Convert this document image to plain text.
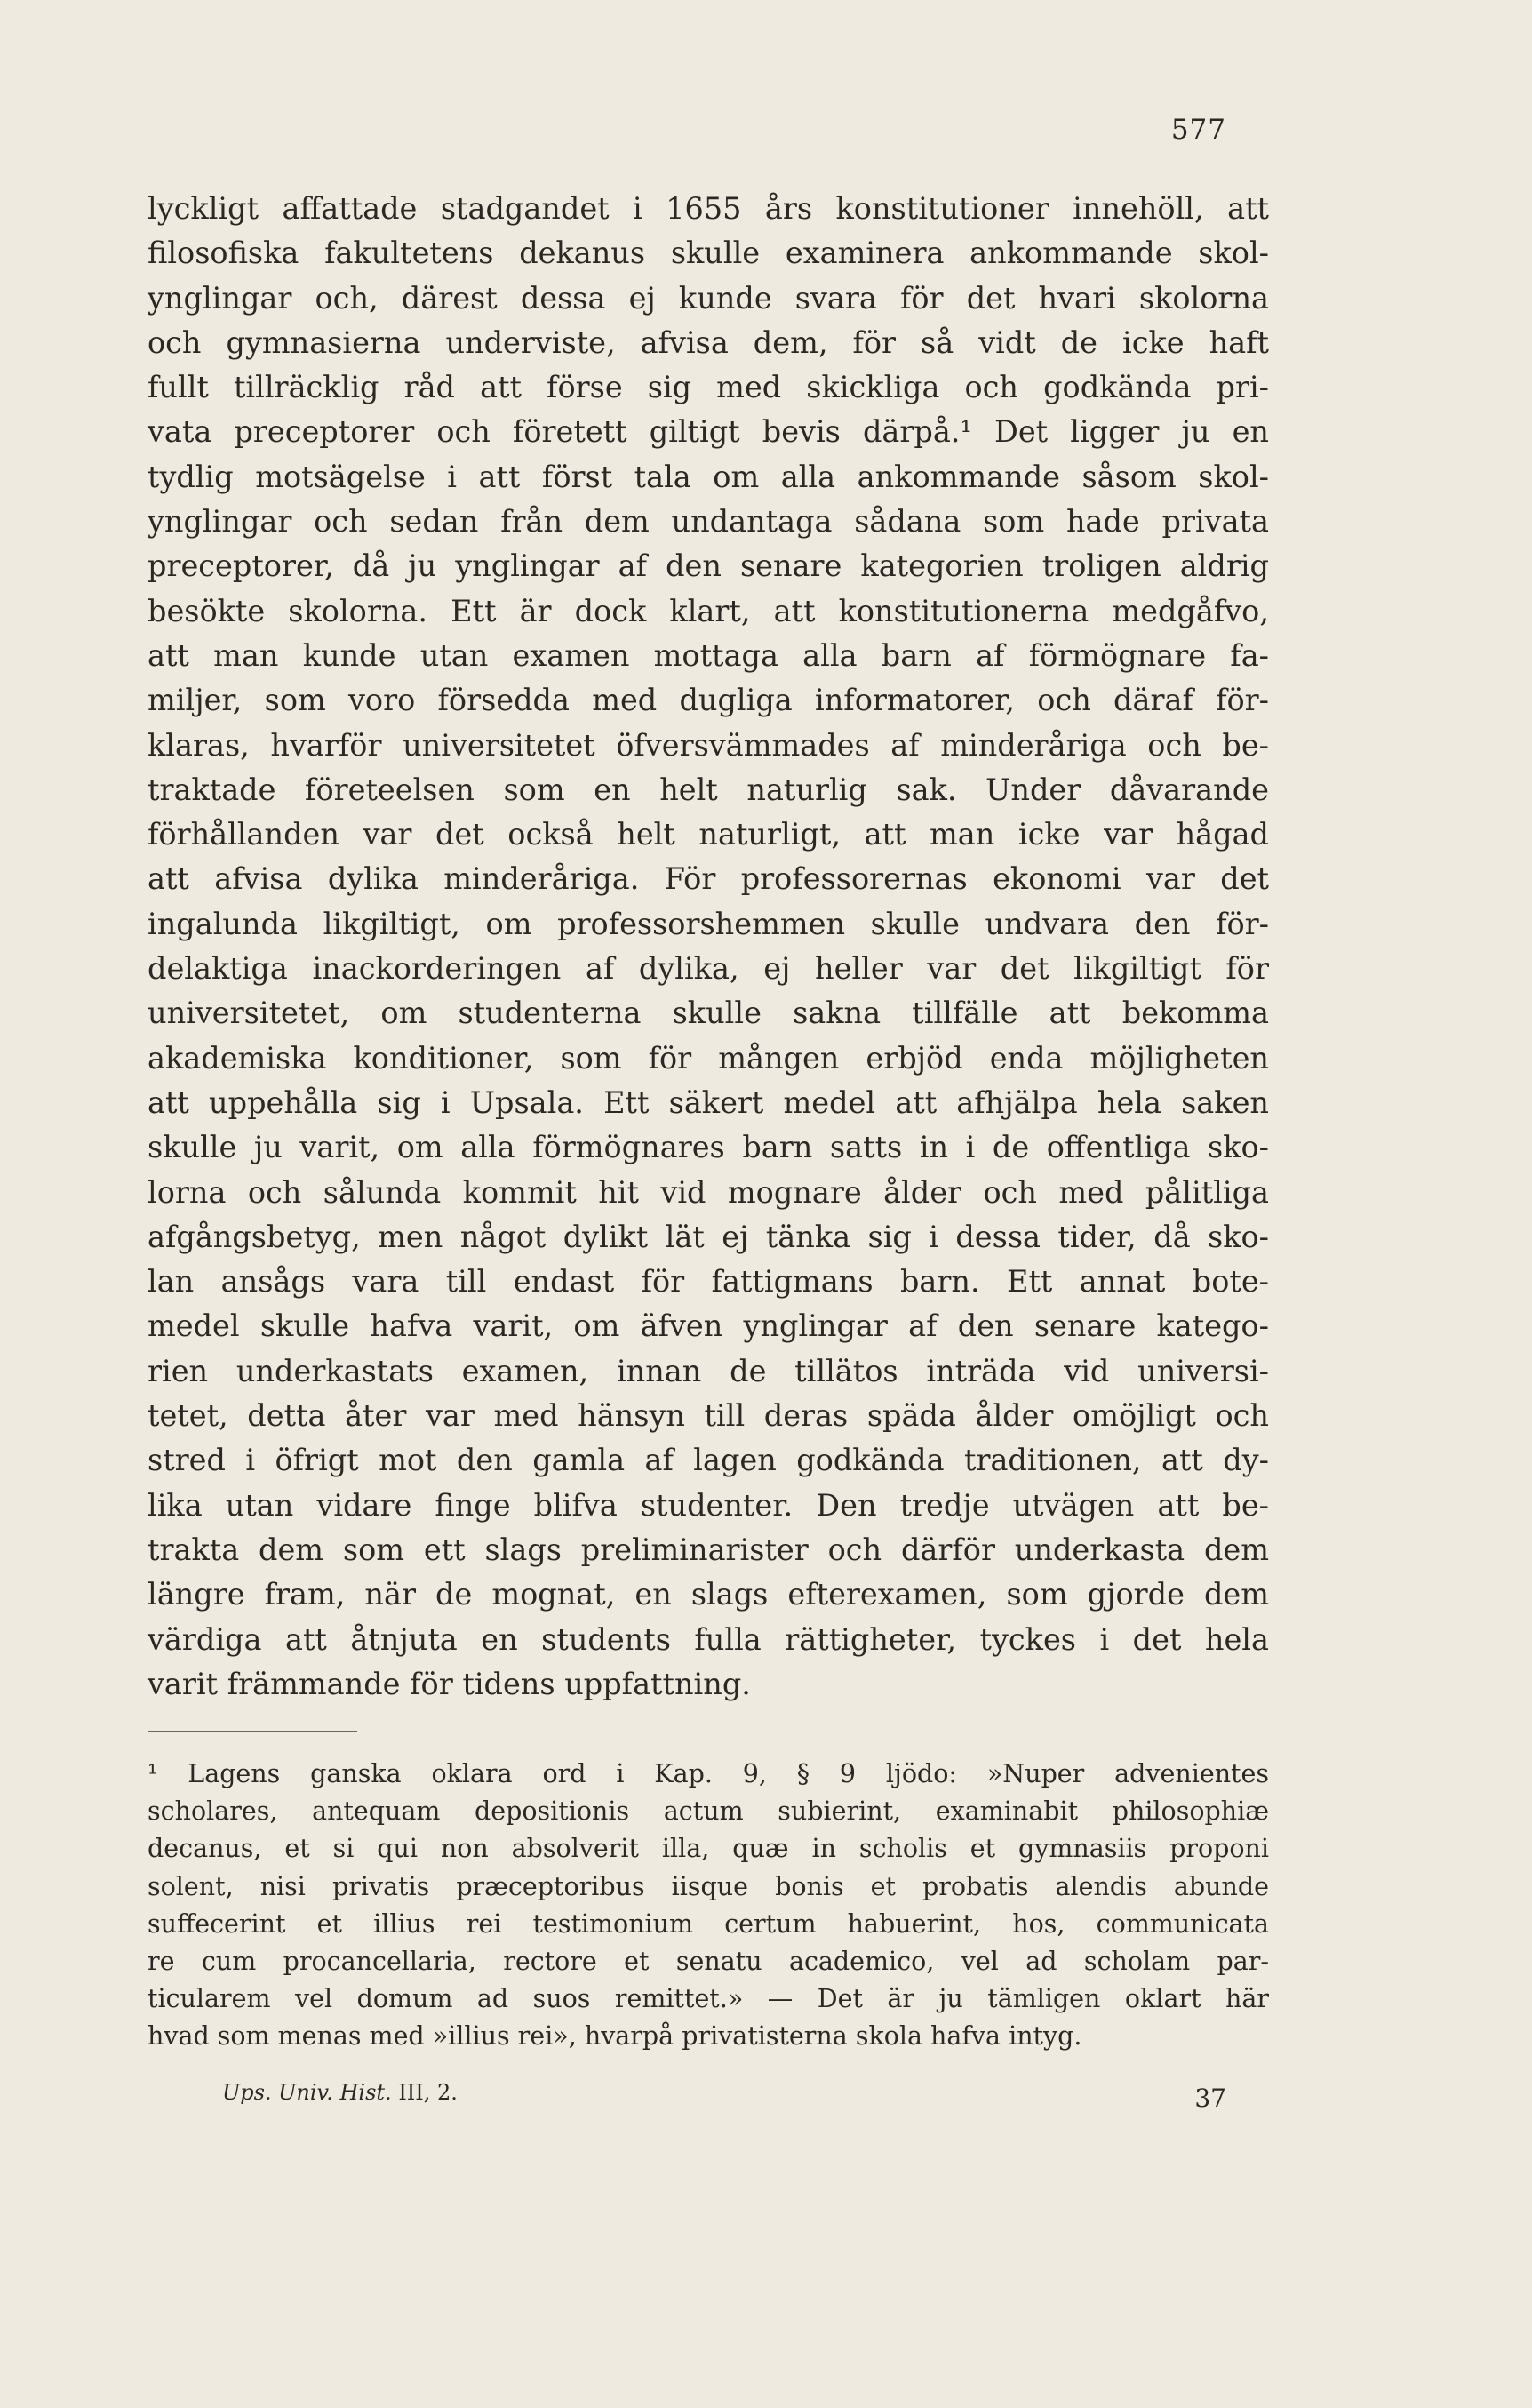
577
lyckligt affattade stadgandet i 1655 års konstitutioner innehöll, att
filosofiska fakultetens dekanus skulle examinera ankommande skol-
ynglingar och, därest dessa ej kunde svara för det hvari skolorna
och gymnasierna underviste, afvisa dem, för så vidt de icke haft
fullt tillräcklig råd att förse sig med skickliga och godkända pri-
vata preceptorer och företett giltigt bevis därpå.¹ Det ligger ju en
tydlig motsägelse i att först tala om alla ankommande såsom skol-
ynglingar och sedan från dem undantaga sådana som hade privata
preceptorer, då ju ynglingar af den senare kategorien troligen aldrig
besökte skolorna. Ett är dock klart, att konstitutionerna medgåfvo,
att man kunde utan examen mottaga alla barn af förmögnare fa-
miljer, som voro försedda med dugliga informatorer, och däraf för-
klaras, hvarför universitetet öfversvämmades af minderåriga och be-
traktade företeelsen som en helt naturlig sak. Under dåvarande
förhållanden var det också helt naturligt, att man icke var hågad
att afvisa dylika minderåriga. För professorernas ekonomi var det
ingalunda likgiltigt, om professorshemmen skulle undvara den för-
delaktiga inackorderingen af dylika, ej heller var det likgiltigt för
universitetet, om studenterna skulle sakna tillfälle att bekomma
akademiska konditioner, som för mången erbjöd enda möjligheten
att uppehålla sig i Upsala. Ett säkert medel att afhjälpa hela saken
skulle ju varit, om alla förmögnares barn satts in i de offentliga sko-
lorna och sålunda kommit hit vid mognare ålder och med pålitliga
afgångsbetyg, men något dylikt lät ej tänka sig i dessa tider, då sko-
lan ansågs vara till endast för fattigmans barn. Ett annat bote-
medel skulle hafva varit, om äfven ynglingar af den senare katego-
rien underkastats examen, innan de tillätos inträda vid universi-
tetet, detta åter var med hänsyn till deras späda ålder omöjligt och
stred i öfrigt mot den gamla af lagen godkända traditionen, att dy-
lika utan vidare finge blifva studenter. Den tredje utvägen att be-
trakta dem som ett slags preliminarister och därför underkasta dem
längre fram, när de mognat, en slags efterexamen, som gjorde dem
värdiga att åtnjuta en students fulla rättigheter, tyckes i det hela
varit främmande för tidens uppfattning.
¹ Lagens ganska oklara ord i Kap. 9, § 9 ljödo: »Nuper advenientes
scholares, antequam depositionis actum subierint, examinabit philosophiæ
decanus, et si qui non absolverit illa, quæ in scholis et gymnasiis proponi
solent, nisi privatis præceptoribus iisque bonis et probatis alendis abunde
suffecerint et illius rei testimonium certum habuerint, hos, communicata
re cum procancellaria, rectore et senatu academico, vel ad scholam par-
ticularem vel domum ad suos remittet.» — Det är ju tämligen oklart här
hvad som menas med »illius rei», hvarpå privatisterna skola hafva intyg.
Ups. Univ. Hist. III, 2.	37
